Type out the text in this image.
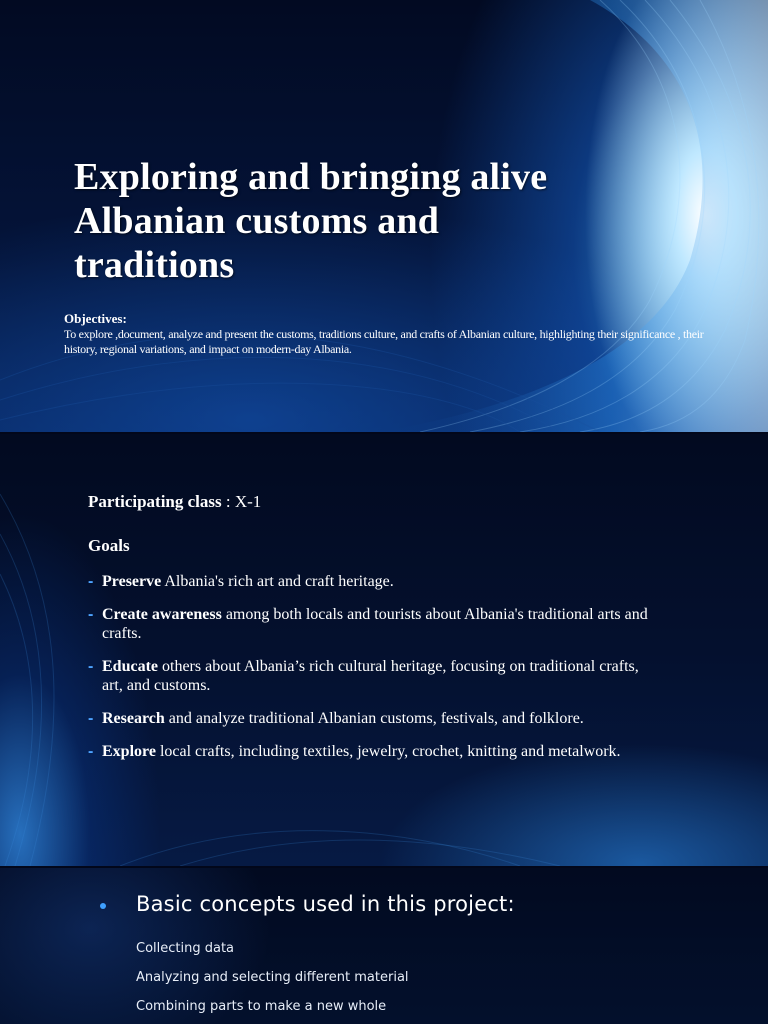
Exploring and bringing alive Albanian customs and traditions
Objectives:

To explore ,document, analyze and present the customs, traditions culture, and crafts of Albanian culture, highlighting their significance , their history, regional variations, and impact on modern-day Albania.

Participating class : X-1
Goals
- Preserve Albania's rich art and craft heritage.
- Create awareness among both locals and tourists about Albania's traditional arts and crafts.
- Educate others about Albania’s rich cultural heritage, focusing on traditional crafts, art, and customs.
- Research and analyze traditional Albanian customs, festivals, and folklore.
- Explore local crafts, including textiles, jewelry, crochet, knitting and metalwork.
Basic concepts used in this project:
Collecting data
Analyzing and selecting different material
Combining parts to make a new whole
